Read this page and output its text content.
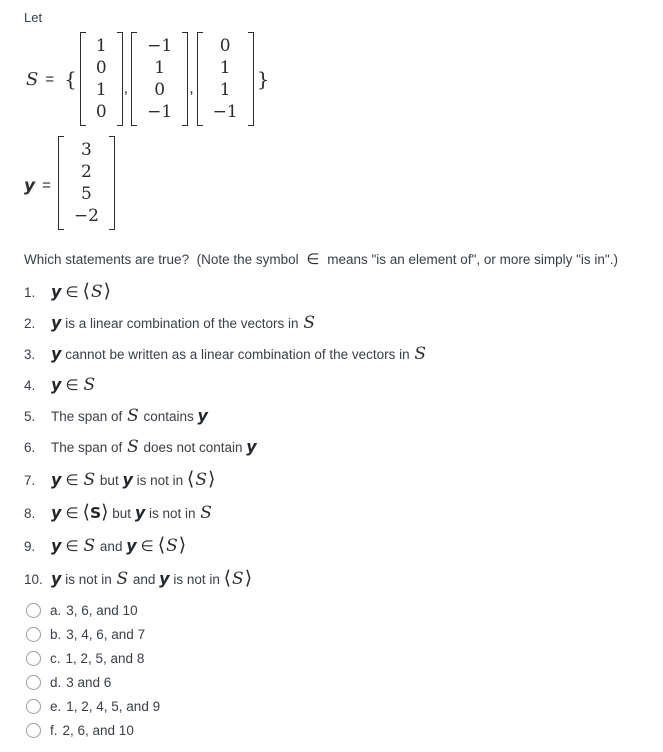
Let
S = {
1
0
1
0
,
−1
1
0
−1
,
0
1
1
−1
}
y =
3
2
5
−2
Which statements are true?  (Note the symbol ∈ means "is an element of", or more simply "is in".)
1. y ∈ ⟨S⟩
2. y is a linear combination of the vectors in S
3. y cannot be written as a linear combination of the vectors in S
4. y ∈ S
5.	The span of S contains y
6.	The span of S does not contain y
7. y ∈ S but y is not in ⟨S⟩
8. y ∈ ⟨S⟩ but y is not in S
9. y ∈ S and y ∈ ⟨S⟩
10. y is not in S and y is not in ⟨S⟩
a. 3, 6, and 10
b. 3, 4, 6, and 7
c. 1, 2, 5, and 8
d. 3 and 6
e. 1, 2, 4, 5, and 9
f. 2, 6, and 10
